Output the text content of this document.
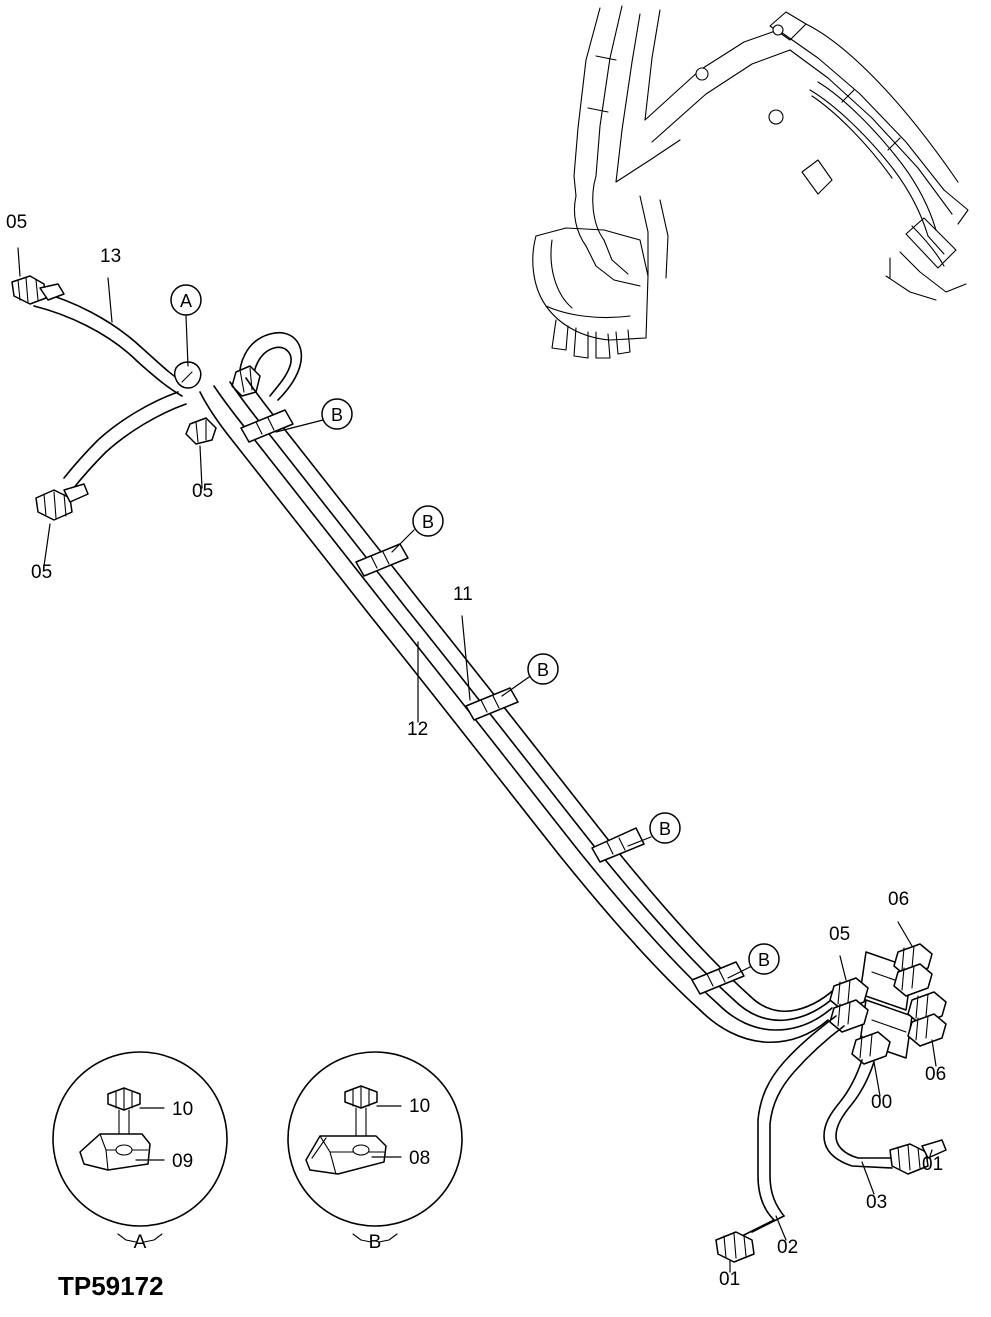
05
13
05
05
11
12
05
06
06
00
01
03
02
01
A
B
B
B
B
B
10
09
A
10
08
B
TP59172
